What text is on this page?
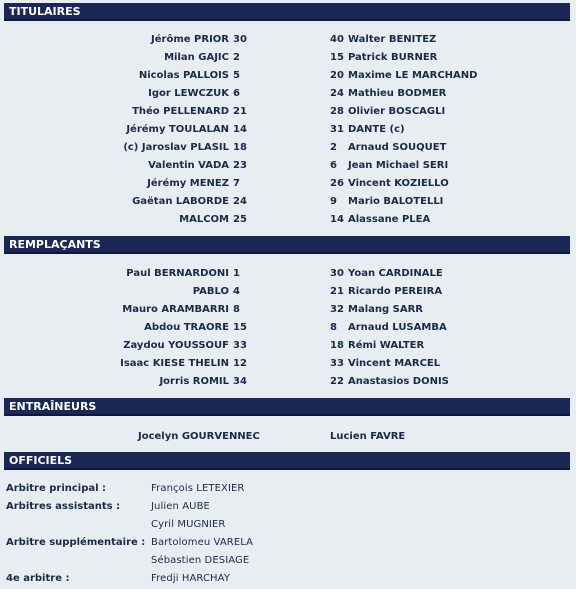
TITULAIRES
REMPLAÇANTS
ENTRAÎNEURS
OFFICIELS
Jérôme PRIOR 30	40 Walter BENITEZ
Milan GAJIC 2	15 Patrick BURNER
Nicolas PALLOIS 5	20 Maxime LE MARCHAND
Igor LEWCZUK 6	24 Mathieu BODMER
Théo PELLENARD 21	28 Olivier BOSCAGLI
Jérémy TOULALAN 14	31 DANTE (c)
(c) Jaroslav PLASIL 18	2	Arnaud SOUQUET
Valentin VADA 23	6	Jean Michael SERI
Jérémy MENEZ 7	26 Vincent KOZIELLO
Gaëtan LABORDE 24	9	Mario BALOTELLI
MALCOM 25	14 Alassane PLEA
Paul BERNARDONI 1	30 Yoan CARDINALE
PABLO 4	21 Ricardo PEREIRA
Mauro ARAMBARRI 8	32 Malang SARR
Abdou TRAORE 15	8	Arnaud LUSAMBA
Zaydou YOUSSOUF 33	18 Rémi WALTER
Isaac KIESE THELIN 12	33 Vincent MARCEL
Jorris ROMIL 34	22 Anastasios DONIS
Jocelyn GOURVENNEC	Lucien FAVRE
Arbitre principal :	François LETEXIER
Arbitres assistants :	Julien AUBE
Cyril MUGNIER
Arbitre supplémentaire : Bartolomeu VARELA
Sébastien DESIAGE
4e arbitre :	Fredji HARCHAY
